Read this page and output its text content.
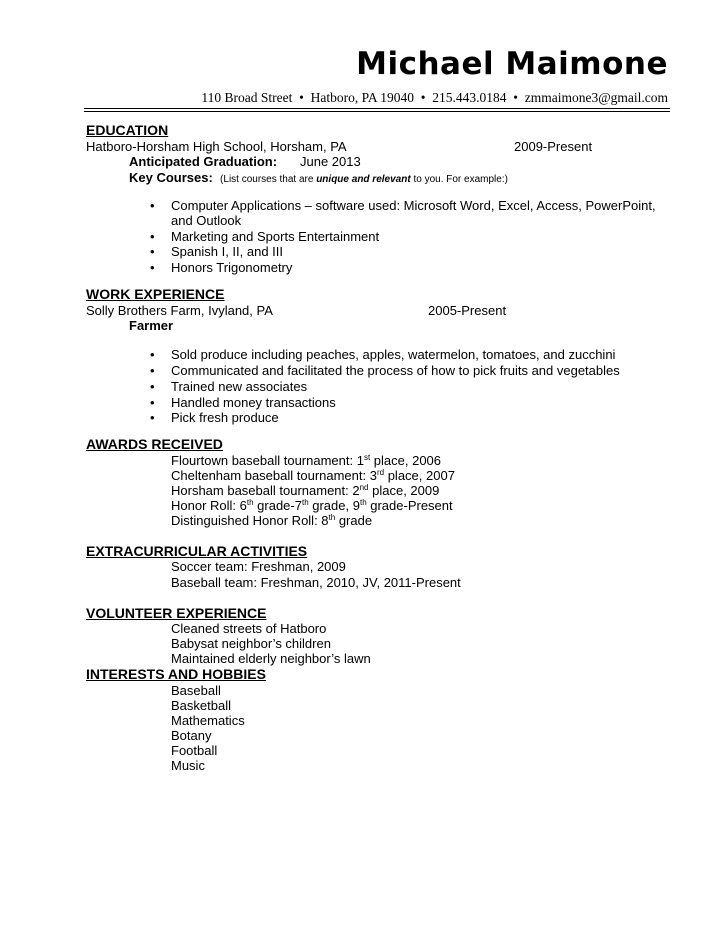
Michael Maimone
110 Broad Street • Hatboro, PA 19040 • 215.443.0184 • zmmaimone3@gmail.com
EDUCATION

Hatboro-Horsham High School, Horsham, PA	2009-Present

Anticipated Graduation: June 2013

Key Courses: (List courses that are unique and relevant to you. For example:)

• Computer Applications – software used: Microsoft Word, Excel, Access, PowerPoint,
and Outlook
• Marketing and Sports Entertainment
• Spanish I, II, and III
• Honors Trigonometry
WORK EXPERIENCE

Solly Brothers Farm, Ivyland, PA	2005-Present

Farmer

• Sold produce including peaches, apples, watermelon, tomatoes, and zucchini
• Communicated and facilitated the process of how to pick fruits and vegetables
• Trained new associates
• Handled money transactions
• Pick fresh produce
AWARDS RECEIVED

Flourtown baseball tournament: 1st place, 2006

Cheltenham baseball tournament: 3rd place, 2007

Horsham baseball tournament: 2nd place, 2009

Honor Roll: 6th grade-7th grade, 9th grade-Present

Distinguished Honor Roll: 8th grade

EXTRACURRICULAR ACTIVITIES

Soccer team: Freshman, 2009

Baseball team: Freshman, 2010, JV, 2011-Present

VOLUNTEER EXPERIENCE

Cleaned streets of Hatboro

Babysat neighbor’s children

Maintained elderly neighbor’s lawn

INTERESTS AND HOBBIES

Baseball

Basketball

Mathematics

Botany

Football

Music
